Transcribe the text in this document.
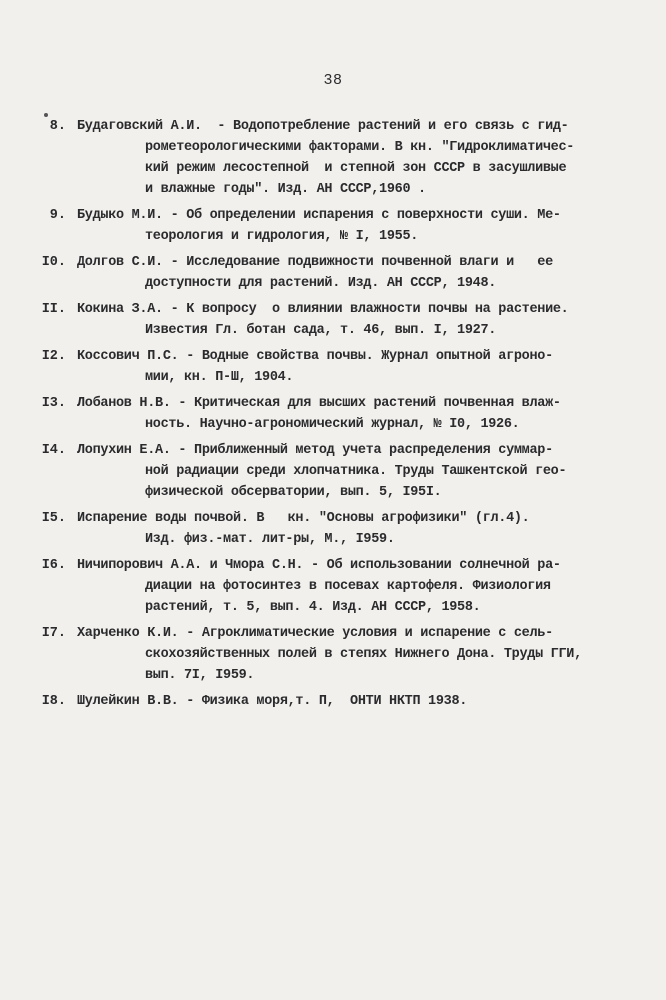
38
8. Будаговский А.И.  - Водопотребление растений и его связь с гид-
рометеорологическими факторами. В кн. "Гидроклиматичес-
кий режим лесостепной  и степной зон СССР в засушливые
и влажные годы". Изд. АН СССР,1960 .
9. Будыко М.И. - Об определении испарения с поверхности суши. Ме-
теорология и гидрология, № I, 1955.
I0. Долгов С.И. - Исследование подвижности почвенной влаги и   ее
доступности для растений. Изд. АН СССР, 1948.
II. Кокина З.А. - К вопросу  о влиянии влажности почвы на растение.
Известия Гл. ботан сада, т. 46, вып. I, 1927.
I2. Коссович П.С. - Водные свойства почвы. Журнал опытной агроно-
мии, кн. П-Ш, 1904.
I3. Лобанов Н.В. - Критическая для высших растений почвенная влаж-
ность. Научно-агрономический журнал, № I0, 1926.
I4. Лопухин Е.А. - Приближенный метод учета распределения суммар-
ной радиации среди хлопчатника. Труды Ташкентской гео-
физической обсерватории, вып. 5, I95I.
I5. Испарение воды почвой. В   кн. "Основы агрофизики" (гл.4).
Изд. физ.-мат. лит-ры, М., I959.
I6. Ничипорович А.А. и Чмора С.Н. - Об использовании солнечной ра-
диации на фотосинтез в посевах картофеля. Физиология
растений, т. 5, вып. 4. Изд. АН СССР, 1958.
I7. Харченко К.И. - Агроклиматические условия и испарение с сель-
скохозяйственных полей в степях Нижнего Дона. Труды ГГИ,
вып. 7I, I959.
I8. Шулейкин В.В. - Физика моря,т. П,  ОНТИ НКТП 1938.
